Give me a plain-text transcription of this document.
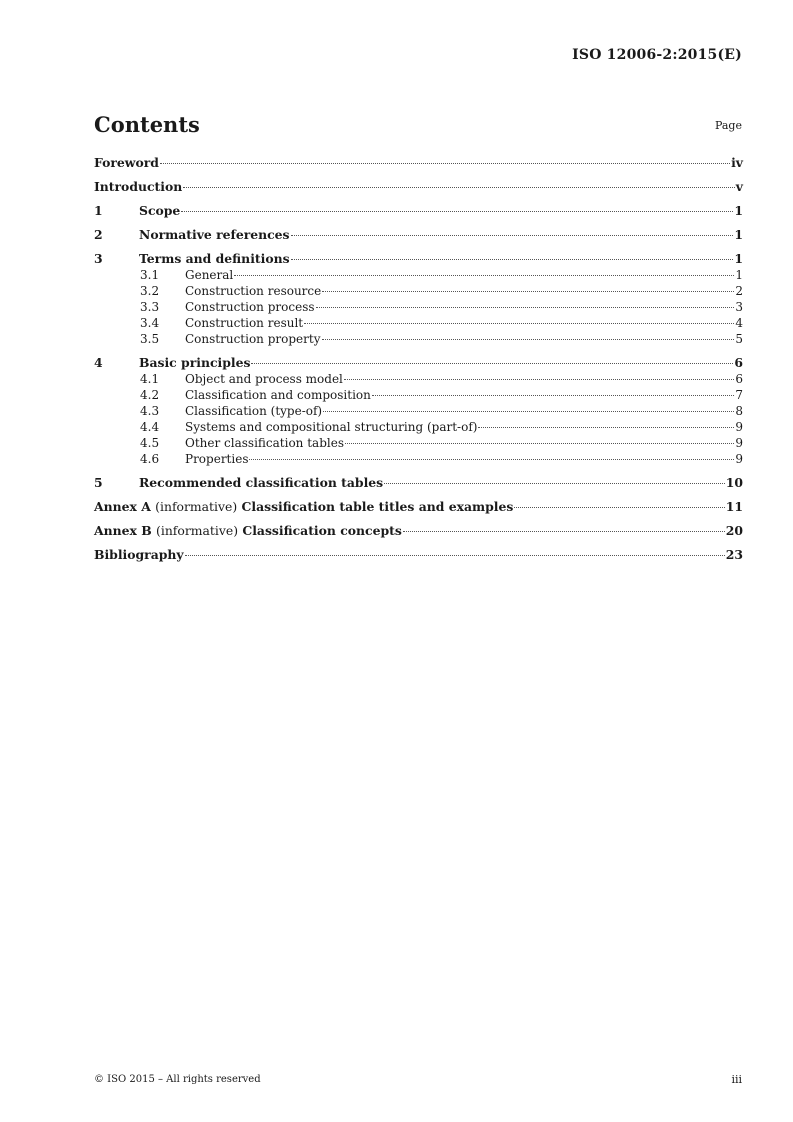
ISO 12006-2:2015(E)
Contents	Page
Foreword	iv
Introduction	v
1	Scope	1
2	Normative references	1
3	Terms and definitions	1
3.1	General	1
3.2	Construction resource	2
3.3	Construction process	3
3.4	Construction result	4
3.5	Construction property	5
4	Basic principles	6
4.1	Object and process model	6
4.2	Classification and composition	7
4.3	Classification (type-of)	8
4.4	Systems and compositional structuring (part-of)	9
4.5	Other classification tables	9
4.6	Properties	9
5	Recommended classification tables	10
Annex A (informative) Classification table titles and examples	11
Annex B (informative) Classification concepts	20
Bibliography	23
© ISO 2015 – All rights reserved	iii
